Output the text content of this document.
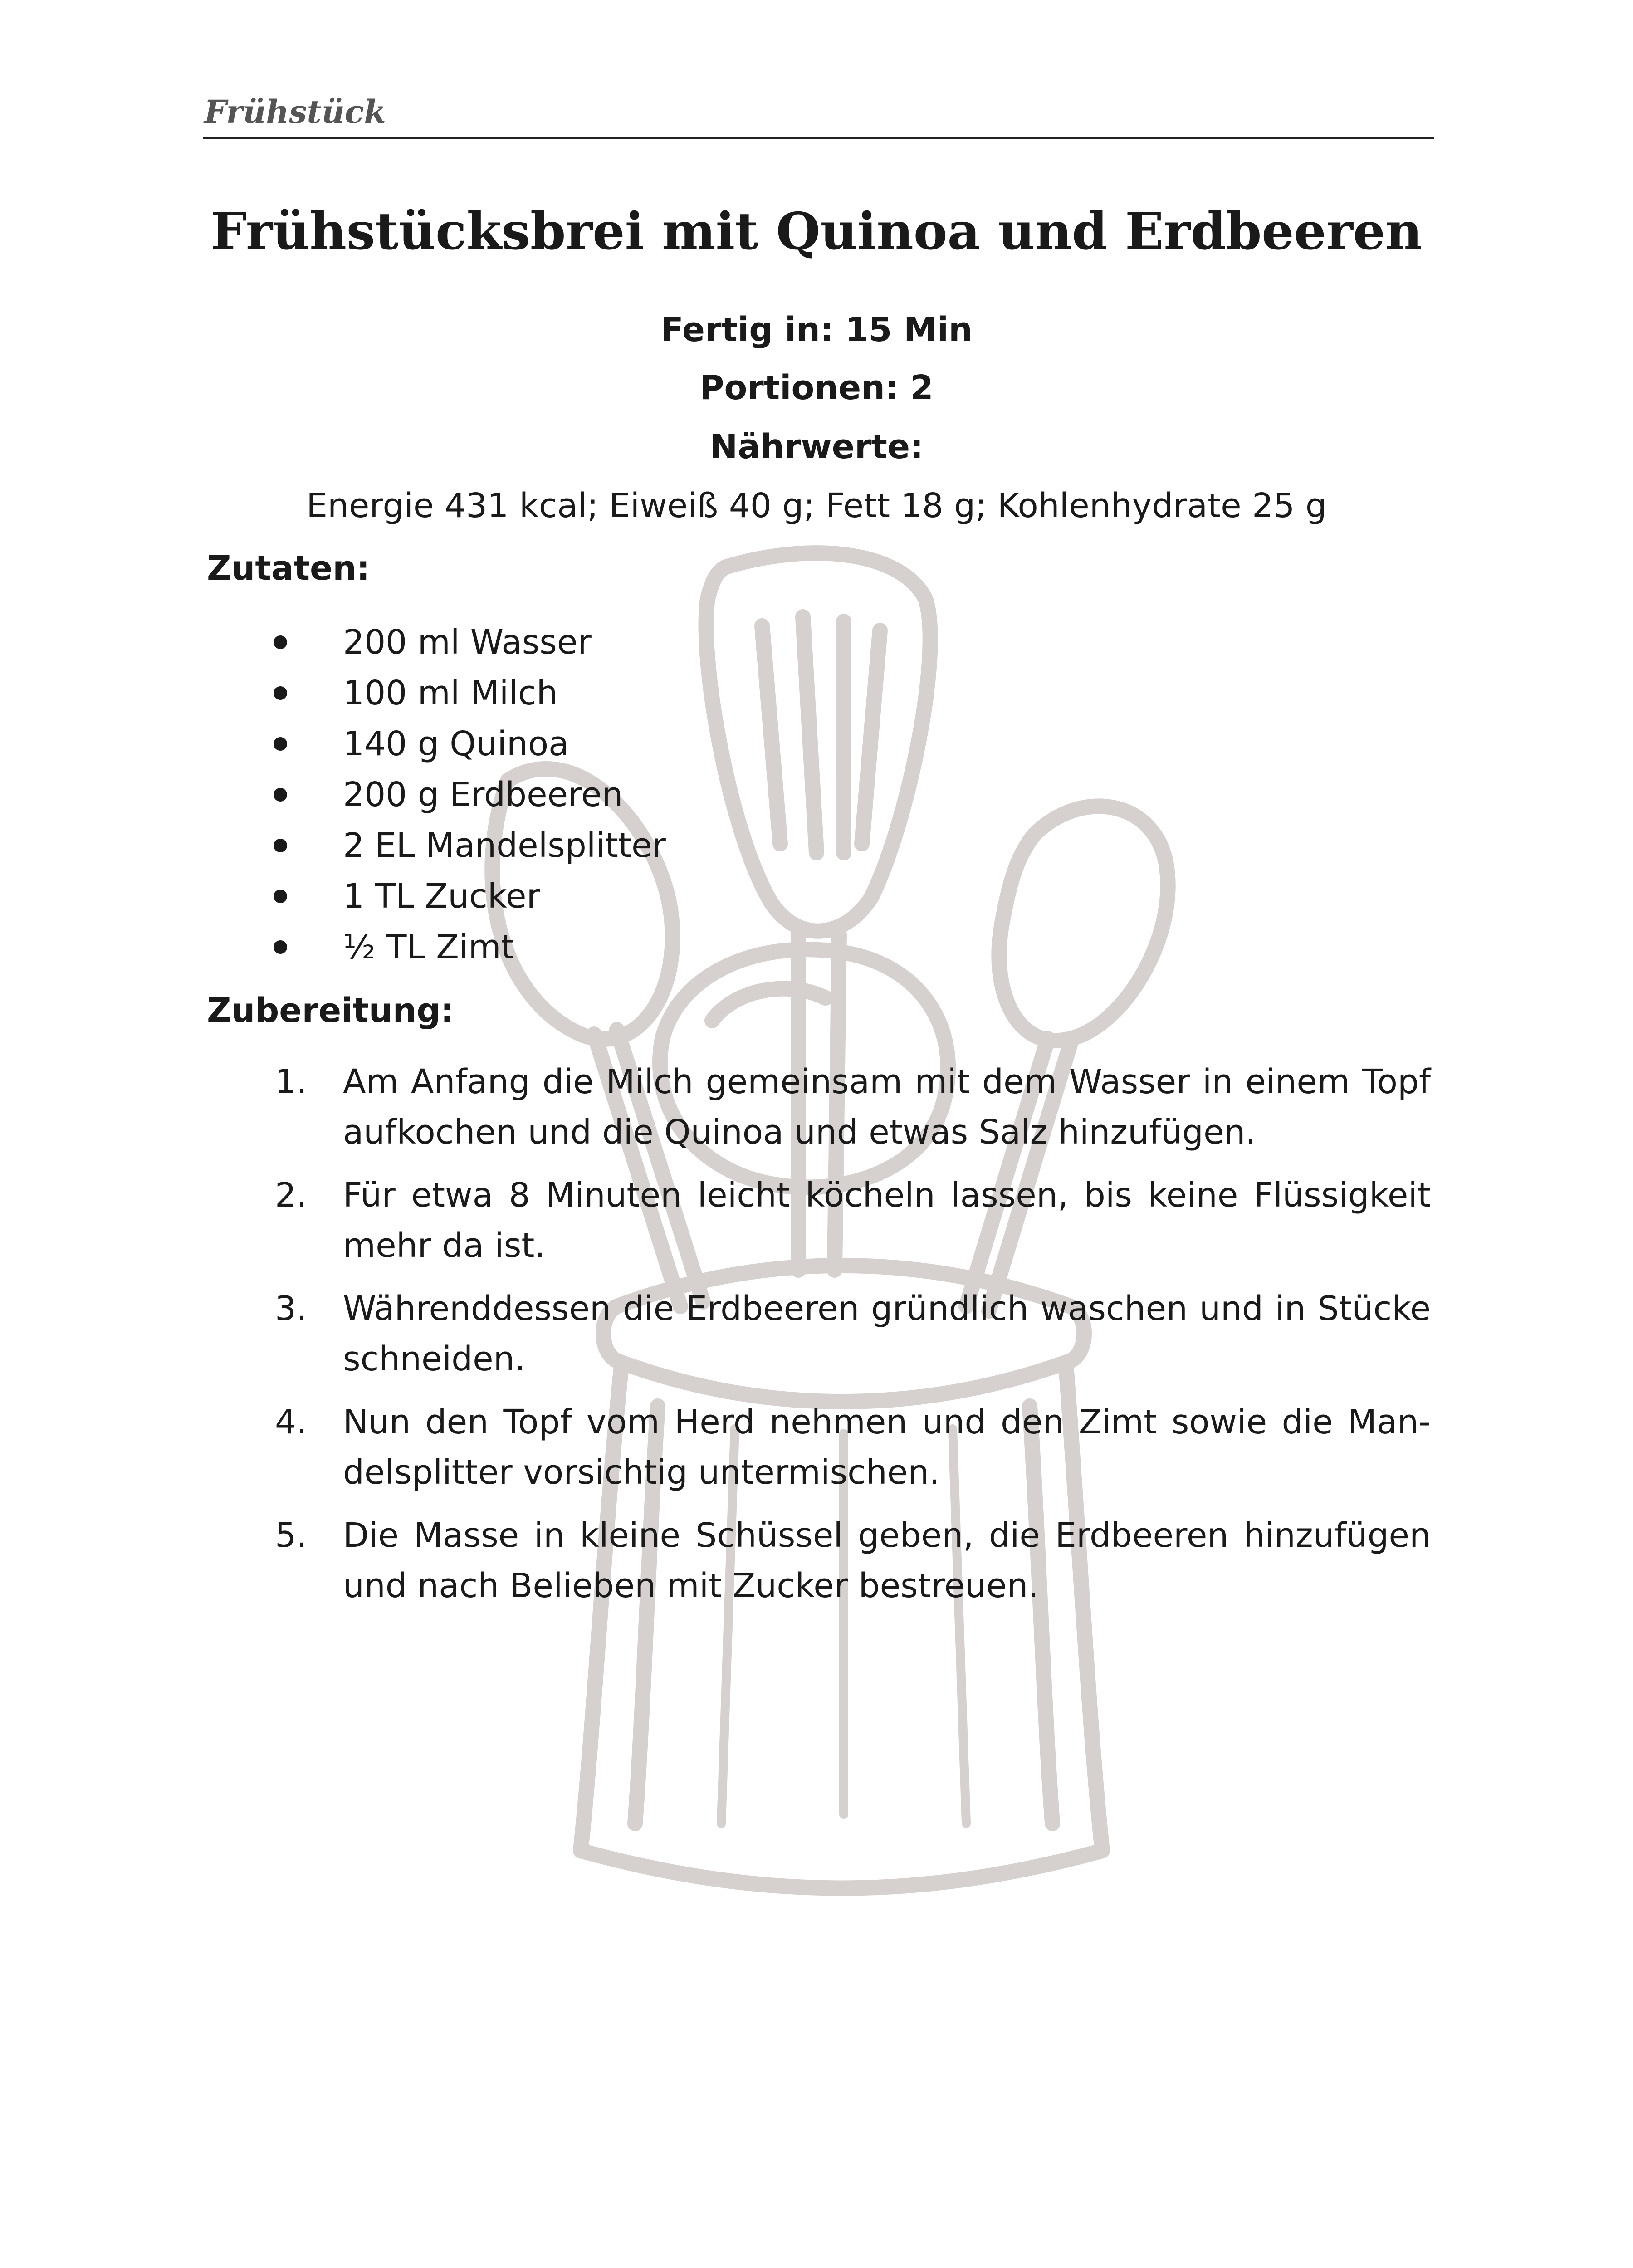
Frühstück
Frühstücksbrei mit Quinoa und Erdbeeren
Fertig in: 15 Min
Portionen: 2
Nährwerte:
Energie 431 kcal; Eiweiß 40 g; Fett 18 g; Kohlenhydrate 25 g
Zutaten:
200 ml Wasser
100 ml Milch
140 g Quinoa
200 g Erdbeeren
2 EL Mandelsplitter
1 TL Zucker
½ TL Zimt
Zubereitung:
1. Am Anfang die Milch gemeinsam mit dem Wasser in einem Topf aufkochen und die Quinoa und etwas Salz hinzufügen.
2. Für etwa 8 Minuten leicht köcheln lassen, bis keine Flüssigkeit mehr da ist.
3. Währenddessen die Erdbeeren gründlich waschen und in Stücke schneiden.
4. Nun den Topf vom Herd nehmen und den Zimt sowie die Man-delsplitter vorsichtig untermischen.
5. Die Masse in kleine Schüssel geben, die Erdbeeren hinzufügen und nach Belieben mit Zucker bestreuen.
